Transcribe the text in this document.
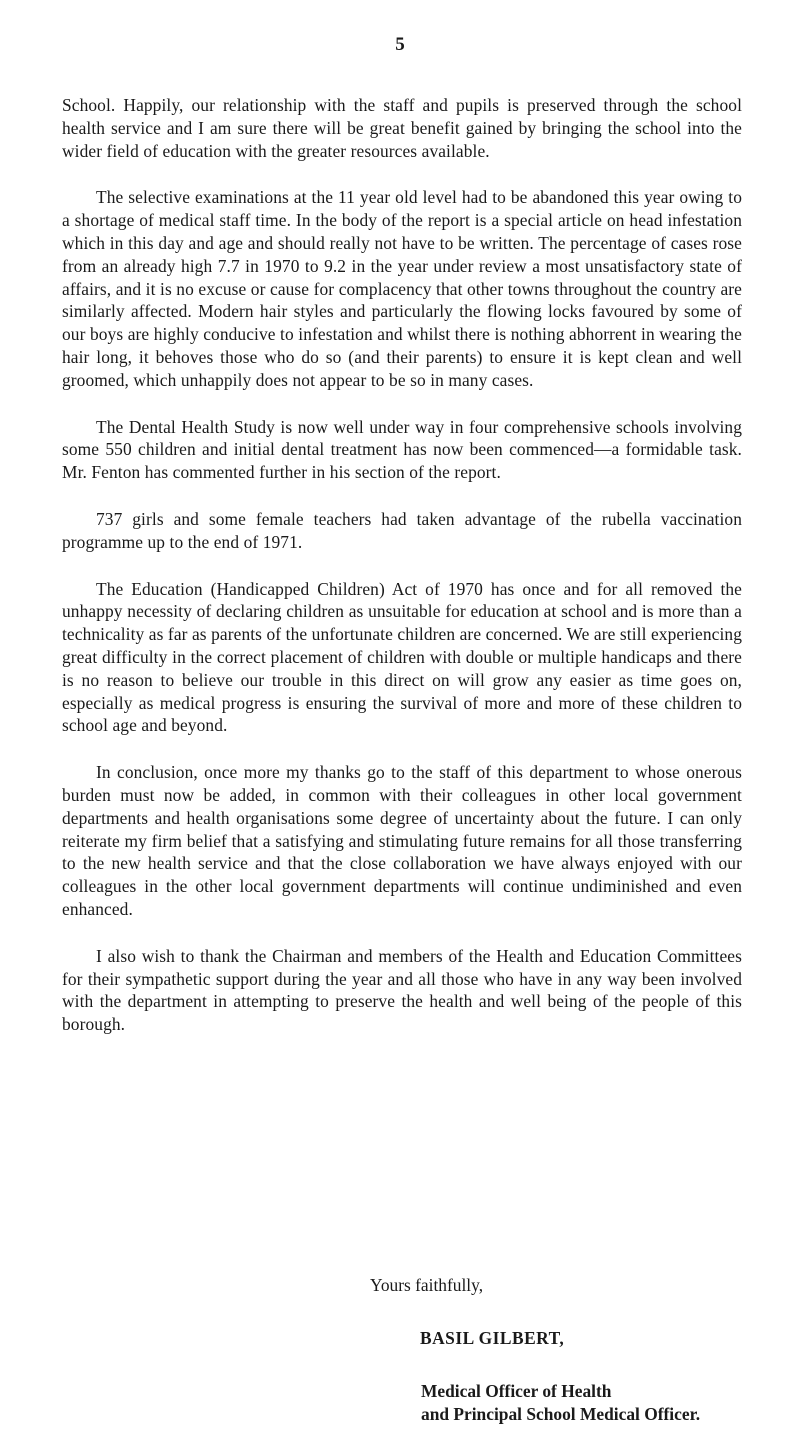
5

School. Happily, our relationship with the staff and pupils is preserved through the school health service and I am sure there will be great benefit gained by bringing the school into the wider field of education with the greater resources available.

The selective examinations at the 11 year old level had to be abandoned this year owing to a shortage of medical staff time. In the body of the report is a special article on head infestation which in this day and age and should really not have to be written. The percentage of cases rose from an already high 7.7 in 1970 to 9.2 in the year under review a most unsatisfactory state of affairs, and it is no excuse or cause for complacency that other towns throughout the country are similarly affected. Modern hair styles and particularly the flowing locks favoured by some of our boys are highly conducive to infestation and whilst there is nothing abhorrent in wearing the hair long, it behoves those who do so (and their parents) to ensure it is kept clean and well groomed, which unhappily does not appear to be so in many cases.

The Dental Health Study is now well under way in four comprehensive schools involving some 550 children and initial dental treatment has now been commenced—a formidable task. Mr. Fenton has commented further in his section of the report.

737 girls and some female teachers had taken advantage of the rubella vaccination programme up to the end of 1971.

The Education (Handicapped Children) Act of 1970 has once and for all removed the unhappy necessity of declaring children as unsuitable for education at school and is more than a technicality as far as parents of the unfortunate children are concerned. We are still experiencing great difficulty in the correct placement of children with double or multiple handicaps and there is no reason to believe our trouble in this direct on will grow any easier as time goes on, especially as medical progress is ensuring the survival of more and more of these children to school age and beyond.

In conclusion, once more my thanks go to the staff of this department to whose onerous burden must now be added, in common with their colleagues in other local government departments and health organisations some degree of uncertainty about the future. I can only reiterate my firm belief that a satisfying and stimulating future remains for all those transferring to the new health service and that the close collaboration we have always enjoyed with our colleagues in the other local government departments will continue undiminished and even enhanced.

I also wish to thank the Chairman and members of the Health and Education Committees for their sympathetic support during the year and all those who have in any way been involved with the department in attempting to preserve the health and well being of the people of this borough.

Yours faithfully,
BASIL GILBERT,
Medical Officer of Health
and Principal School Medical Officer.
